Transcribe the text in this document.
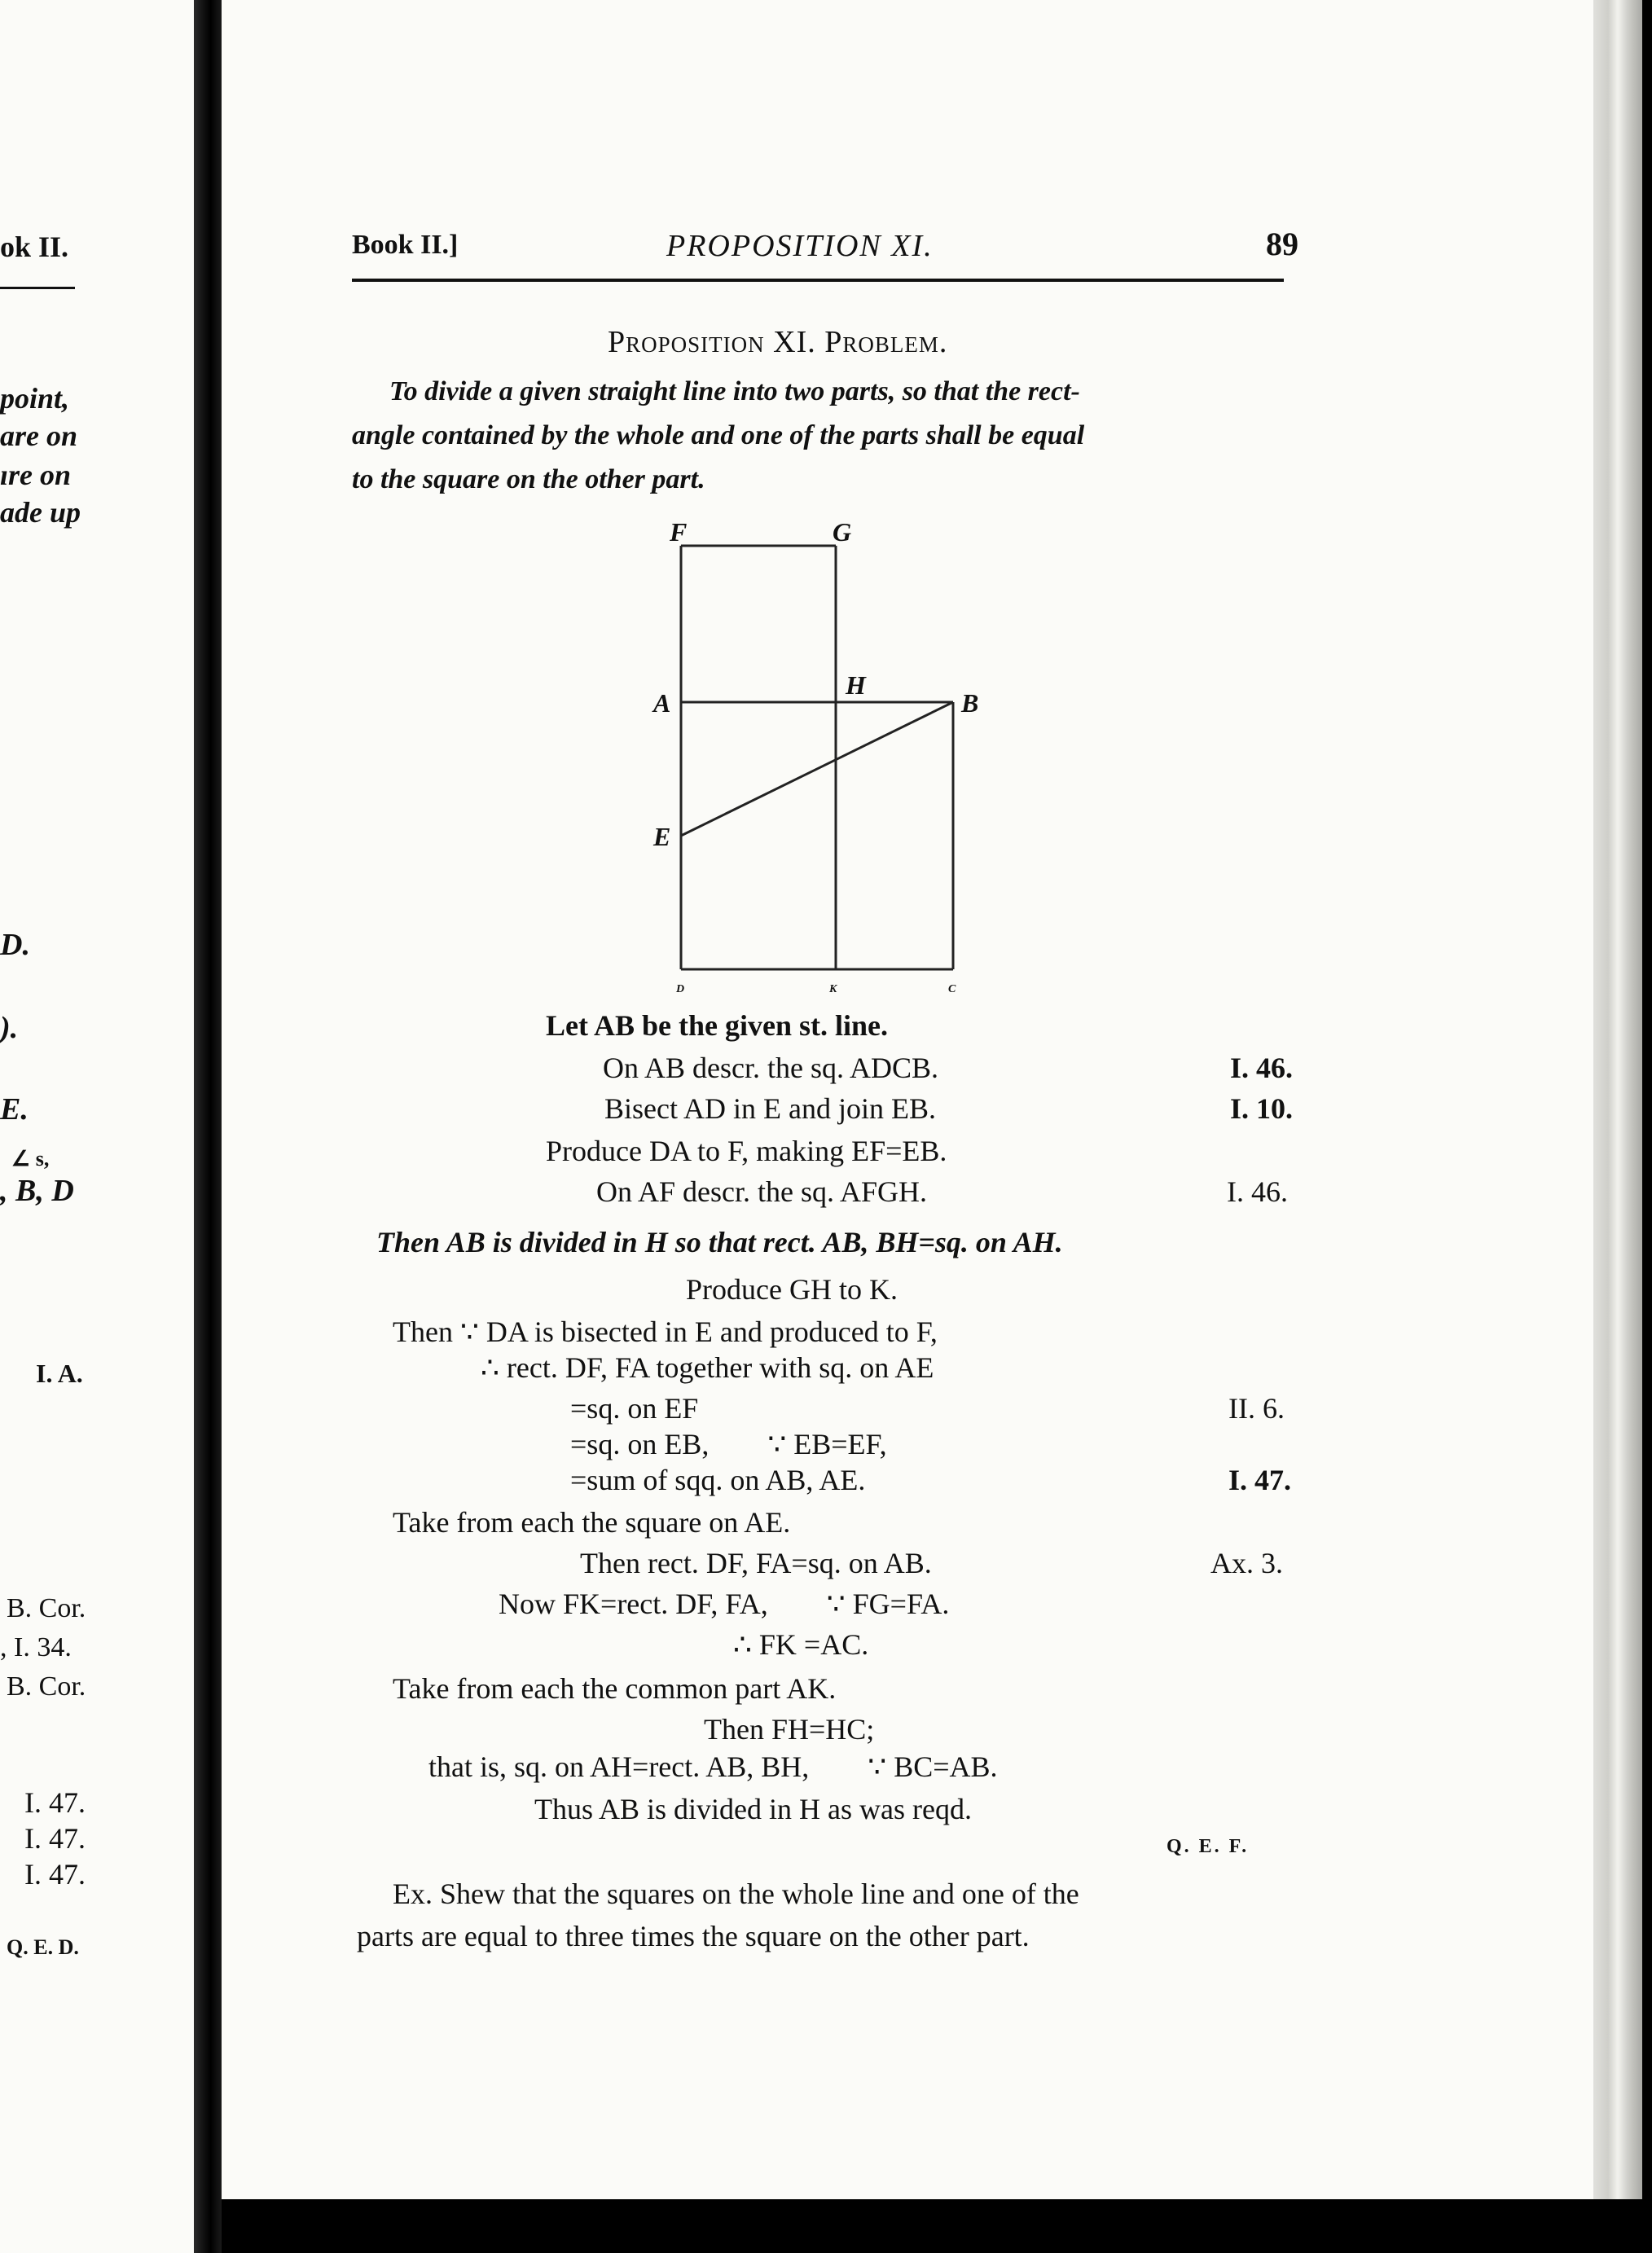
ok II.
point,
are on
ıre on
ade up
D.
).
E.
∠ s,
, B, D
I. A.
B. Cor.
, I. 34.
B. Cor.
I. 47.
I. 47.
I. 47.
Q. E. D.
Book II.]	PROPOSITION XI.	89
Proposition XI. Problem.
To divide a given straight line into two parts, so that the rect-
angle contained by the whole and one of the parts shall be equal
to the square on the other part.
F	G
A
H
B
E
D	K	C
Let AB be the given st. line.
On AB descr. the sq. ADCB.	I. 46.
Bisect AD in E and join EB.	I. 10.
Produce DA to F, making EF=EB.
On AF descr. the sq. AFGH.	I. 46.
Then AB is divided in H so that rect. AB, BH=sq. on AH.
Produce GH to K.
Then ∵ DA is bisected in E and produced to F,
∴ rect. DF, FA together with sq. on AE
=sq. on EF	II. 6.
=sq. on EB,        ∵ EB=EF,
=sum of sqq. on AB, AE.	I. 47.
Take from each the square on AE.
Then rect. DF, FA=sq. on AB.	Ax. 3.
Now FK=rect. DF, FA,        ∵ FG=FA.
∴ FK =AC.
Take from each the common part AK.
Then FH=HC;
that is, sq. on AH=rect. AB, BH,        ∵ BC=AB.
Thus AB is divided in H as was reqd.
Q. E. F.
Ex. Shew that the squares on the whole line and one of the
parts are equal to three times the square on the other part.
